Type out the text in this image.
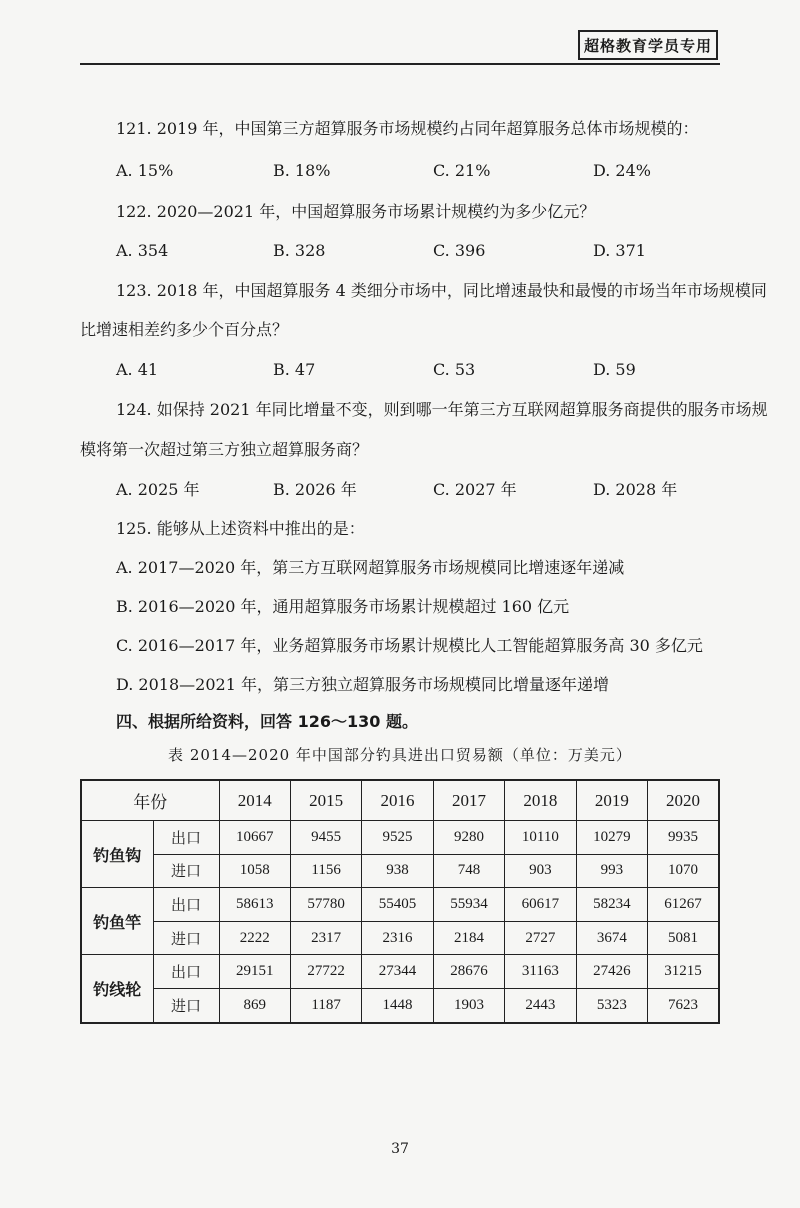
超格教育学员专用
121. 2019 年，中国第三方超算服务市场规模约占同年超算服务总体市场规模的：
A. 15%	B. 18%	C. 21%	D. 24%
122. 2020—2021 年，中国超算服务市场累计规模约为多少亿元？
A. 354	B. 328	C. 396	D. 371
123. 2018 年，中国超算服务 4 类细分市场中，同比增速最快和最慢的市场当年市场规模同
比增速相差约多少个百分点？
A. 41	B. 47	C. 53	D. 59
124. 如保持 2021 年同比增量不变，则到哪一年第三方互联网超算服务商提供的服务市场规
模将第一次超过第三方独立超算服务商？
A. 2025 年	B. 2026 年	C. 2027 年	D. 2028 年
125. 能够从上述资料中推出的是：
A. 2017—2020 年，第三方互联网超算服务市场规模同比增速逐年递减
B. 2016—2020 年，通用超算服务市场累计规模超过 160 亿元
C. 2016—2017 年，业务超算服务市场累计规模比人工智能超算服务高 30 多亿元
D. 2018—2021 年，第三方独立超算服务市场规模同比增量逐年递增
四、根据所给资料，回答 126～130 题。
表 2014—2020 年中国部分钓具进出口贸易额（单位：万美元）
年份		2014	2015	2016	2017	2018	2019	2020
钓鱼钩	出口	10667	9455	9525	9280	10110	10279	9935
	进口	1058	1156	938	748	903	993	1070
钓鱼竿	出口	58613	57780	55405	55934	60617	58234	61267
	进口	2222	2317	2316	2184	2727	3674	5081
钓线轮	出口	29151	27722	27344	28676	31163	27426	31215
	进口	869	1187	1448	1903	2443	5323	7623
37
